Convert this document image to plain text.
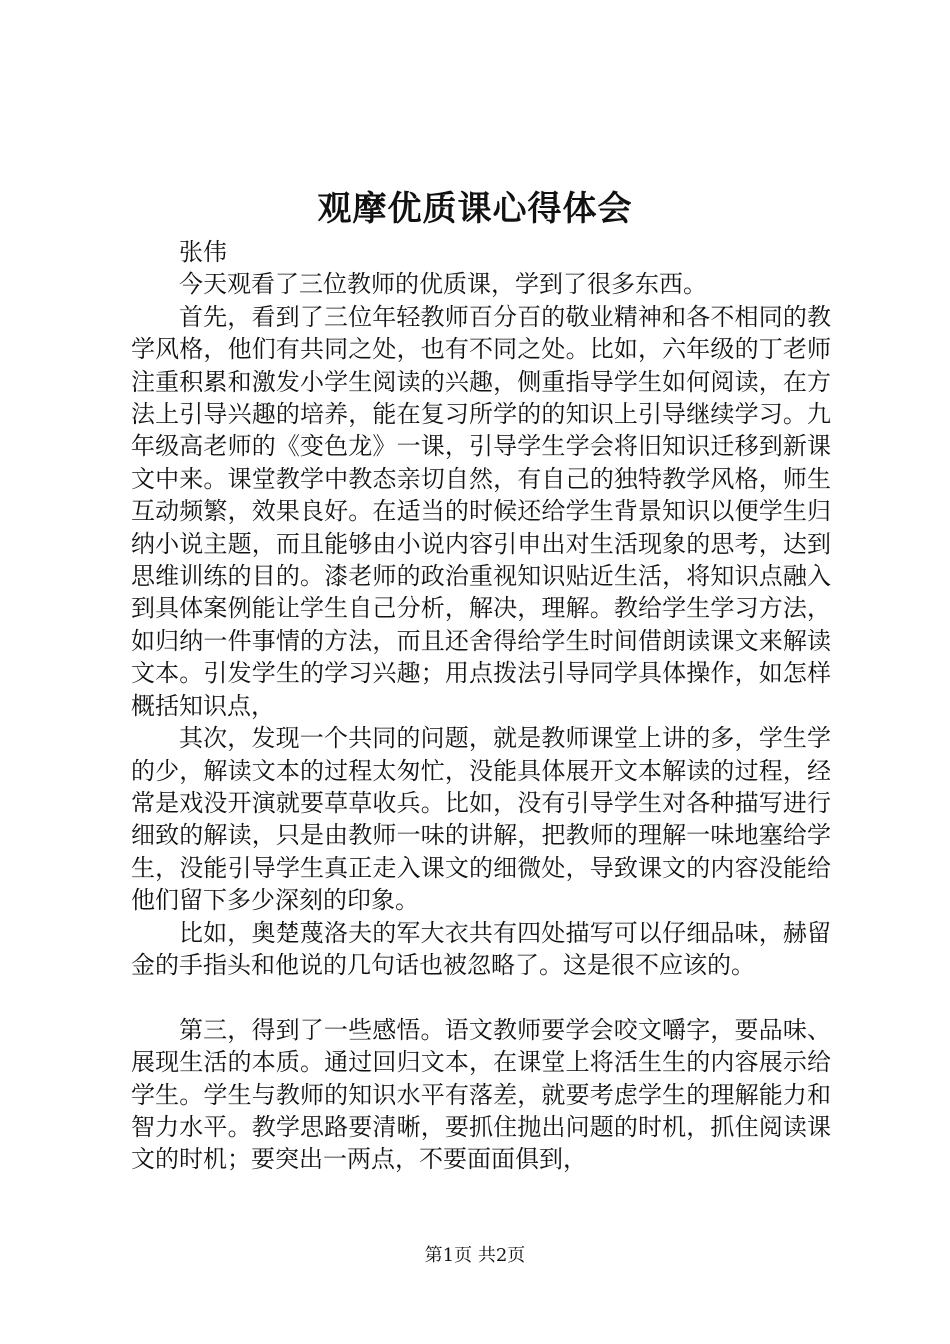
观摩优质课心得体会

张伟

今天观看了三位教师的优质课，学到了很多东西。

首先，看到了三位年轻教师百分百的敬业精神和各不相同的教学风格，他们有共同之处，也有不同之处。比如，六年级的丁老师注重积累和激发小学生阅读的兴趣，侧重指导学生如何阅读，在方法上引导兴趣的培养，能在复习所学的的知识上引导继续学习。九年级高老师的《变色龙》一课，引导学生学会将旧知识迁移到新课文中来。课堂教学中教态亲切自然，有自己的独特教学风格，师生互动频繁，效果良好。在适当的时候还给学生背景知识以便学生归纳小说主题，而且能够由小说内容引申出对生活现象的思考，达到思维训练的目的。漆老师的政治重视知识贴近生活，将知识点融入到具体案例能让学生自己分析，解决，理解。教给学生学习方法，如归纳一件事情的方法，而且还舍得给学生时间借朗读课文来解读文本。引发学生的学习兴趣；用点拨法引导同学具体操作，如怎样概括知识点，

其次，发现一个共同的问题，就是教师课堂上讲的多，学生学的少，解读文本的过程太匆忙，没能具体展开文本解读的过程，经常是戏没开演就要草草收兵。比如，没有引导学生对各种描写进行细致的解读，只是由教师一味的讲解，把教师的理解一味地塞给学生，没能引导学生真正走入课文的细微处，导致课文的内容没能给他们留下多少深刻的印象。

比如，奥楚蔑洛夫的军大衣共有四处描写可以仔细品味，赫留金的手指头和他说的几句话也被忽略了。这是很不应该的。

第三，得到了一些感悟。语文教师要学会咬文嚼字，要品味、展现生活的本质。通过回归文本，在课堂上将活生生的内容展示给学生。学生与教师的知识水平有落差，就要考虑学生的理解能力和智力水平。教学思路要清晰，要抓住抛出问题的时机，抓住阅读课文的时机；要突出一两点，不要面面俱到，

第1页 共2页
